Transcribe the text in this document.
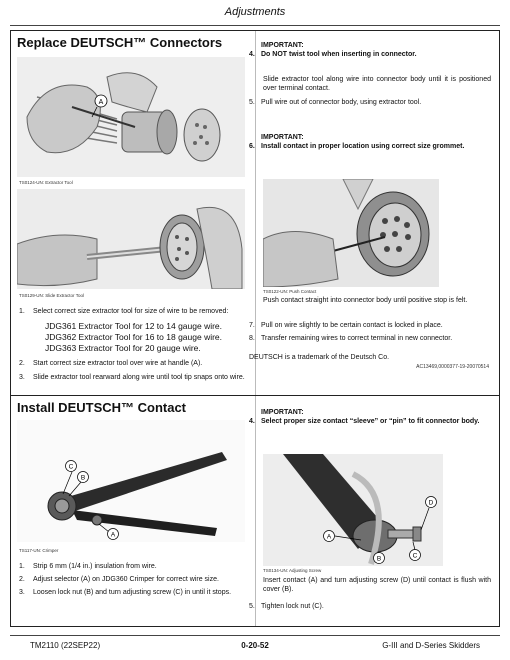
Adjustments
Replace DEUTSCH™ Connectors
A
TS0124-UN: Extractor Tool
TS0129-UN: Slide Extractor Tool
1. Select correct size extractor tool for size of wire to be removed:
JDG361 Extractor Tool for 12 to 14 gauge wire.
JDG362 Extractor Tool for 16 to 18 gauge wire.
JDG363 Extractor Tool for 20 gauge wire.
2. Start correct size extractor tool over wire at handle (A).
3. Slide extractor tool rearward along wire until tool tip snaps onto wire.
IMPORTANT:
4. Do NOT twist tool when inserting in connector.
Slide extractor tool along wire into connector body until it is positioned over terminal contact.
5. Pull wire out of connector body, using extractor tool.
IMPORTANT:
6. Install contact in proper location using correct size grommet.
TS0122-UN: Push Contact
Push contact straight into connector body until positive stop is felt.
7. Pull on wire slightly to be certain contact is locked in place.
8. Transfer remaining wires to correct terminal in new connector.
DEUTSCH is a trademark of the Deutsch Co.
AC13469,0000377-19-20070514
Install DEUTSCH™ Contact
C
B
A
TS117-UN: Crimper
1. Strip 6 mm (1/4 in.) insulation from wire.
2. Adjust selector (A) on JDG360 Crimper for correct wire size.
3. Loosen lock nut (B) and turn adjusting screw (C) in until it stops.
IMPORTANT:
4. Select proper size contact “sleeve” or “pin” to fit connector body.
D
A
C
B
TS0134-UN: Adjusting Screw
Insert contact (A) and turn adjusting screw (D) until contact is flush with cover (B).
5. Tighten lock nut (C).
TM2110 (22SEP22)	0-20-52	G-III and D-Series Skidders
